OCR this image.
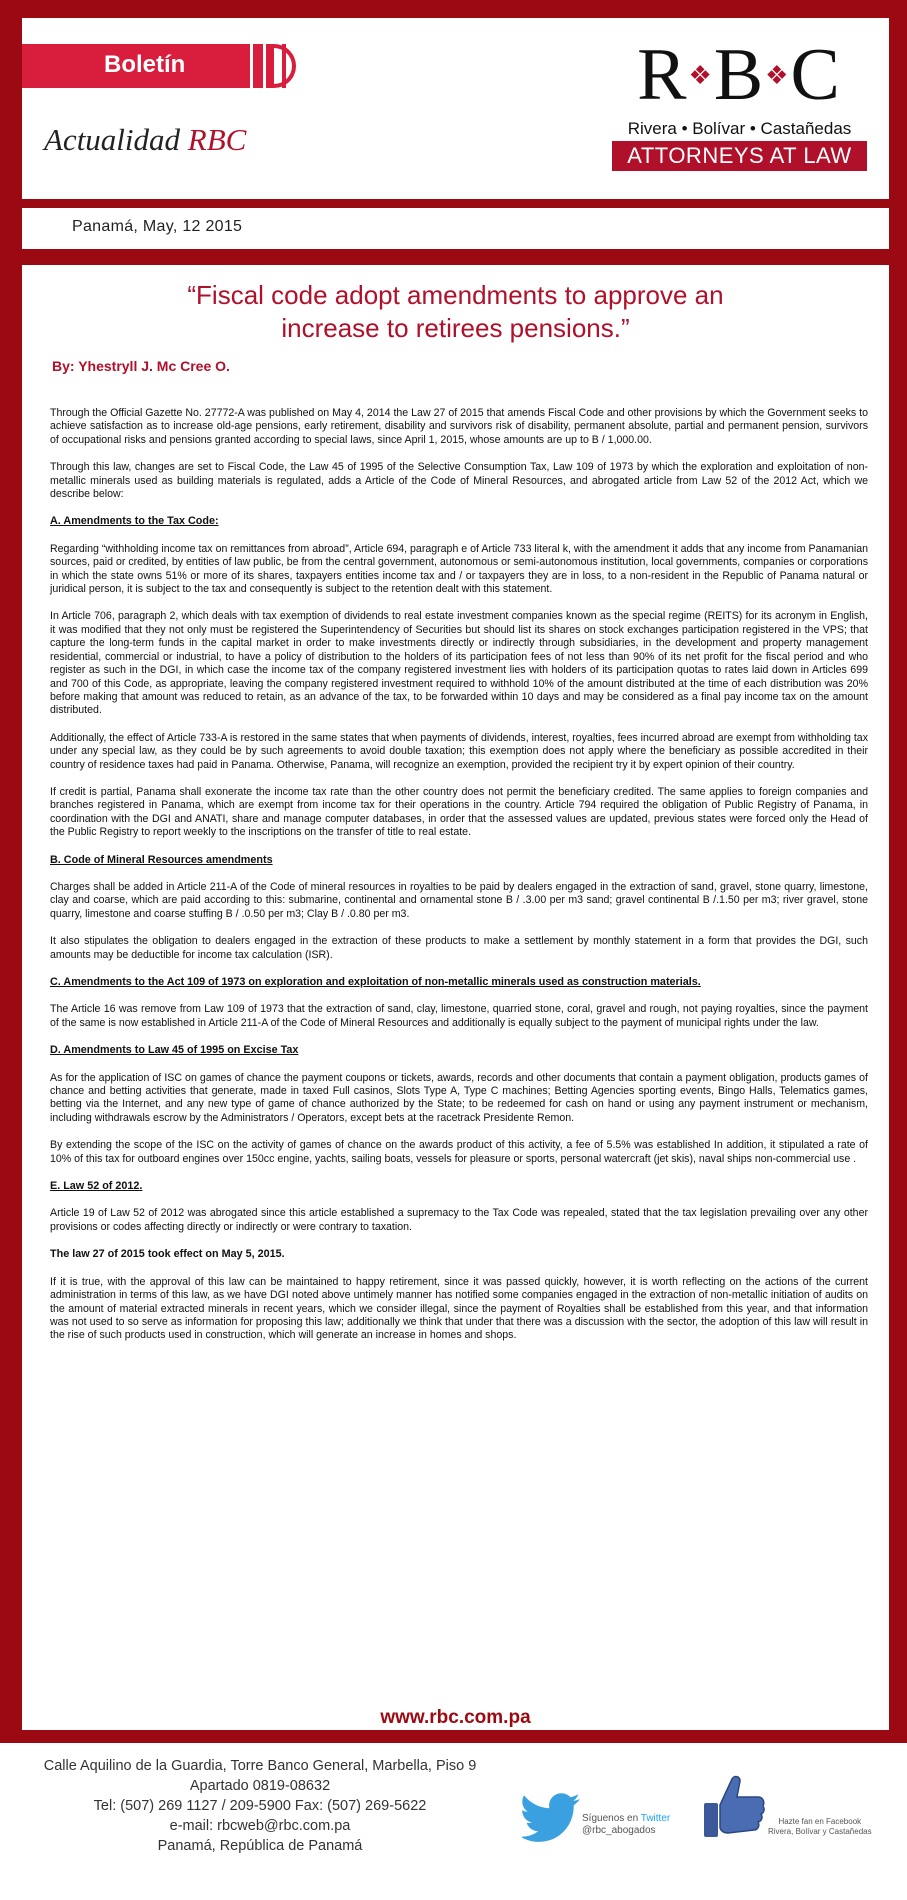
Boletín
Actualidad RBC
R❖B❖C
Rivera • Bolívar • Castañedas
ATTORNEYS AT LAW
Panamá, May, 12 2015
“Fiscal code adopt amendments to approve an
increase to retirees pensions.”
By: Yhestryll J. Mc Cree O.

Through the Official Gazette No. 27772-A was published on May 4, 2014 the Law 27 of 2015 that amends Fiscal Code and other provisions by which the Government seeks to achieve satisfaction as to increase old-age pensions, early retirement, disability and survivors risk of disability, permanent absolute, partial and permanent pension, survivors of occupational risks and pensions granted according to special laws, since April 1, 2015, whose amounts are up to B / 1,000.00.

Through this law, changes are set to Fiscal Code, the Law 45 of 1995 of the Selective Consumption Tax, Law 109 of 1973 by which the exploration and exploitation of non-metallic minerals used as building materials is regulated, adds a Article of the Code of Mineral Resources, and abrogated article from Law 52 of the 2012 Act, which we describe below:

A. Amendments to the Tax Code:

Regarding “withholding income tax on remittances from abroad”, Article 694, paragraph e of Article 733 literal k, with the amendment it adds that any income from Panamanian sources, paid or credited, by entities of law public, be from the central government, autonomous or semi-autonomous institution, local governments, companies or corporations in which the state owns 51% or more of its shares, taxpayers entities income tax and / or taxpayers they are in loss, to a non-resident in the Republic of Panama natural or juridical person, it is subject to the tax and consequently is subject to the retention dealt with this statement.

In Article 706, paragraph 2, which deals with tax exemption of dividends to real estate investment companies known as the special regime (REITS) for its acronym in English, it was modified that they not only must be registered the Superintendency of Securities but should list its shares on stock exchanges participation registered in the VPS; that capture the long-term funds in the capital market in order to make investments directly or indirectly through subsidiaries, in the development and property management residential, commercial or industrial, to have a policy of distribution to the holders of its participation fees of not less than 90% of its net profit for the fiscal period and who register as such in the DGI, in which case the income tax of the company registered investment lies with holders of its participation quotas to rates laid down in Articles 699 and 700 of this Code, as appropriate, leaving the company registered investment required to withhold 10% of the amount distributed at the time of each distribution was 20% before making that amount was reduced to retain, as an advance of the tax, to be forwarded within 10 days and may be considered as a final pay income tax on the amount distributed.

Additionally, the effect of Article 733-A is restored in the same states that when payments of dividends, interest, royalties, fees incurred abroad are exempt from withholding tax under any special law, as they could be by such agreements to avoid double taxation; this exemption does not apply where the beneficiary as possible accredited in their country of residence taxes had paid in Panama. Otherwise, Panama, will recognize an exemption, provided the recipient try it by expert opinion of their country.

If credit is partial, Panama shall exonerate the income tax rate than the other country does not permit the beneficiary credited. The same applies to foreign companies and branches registered in Panama, which are exempt from income tax for their operations in the country. Article 794 required the obligation of Public Registry of Panama, in coordination with the DGI and ANATI, share and manage computer databases, in order that the assessed values are updated, previous states were forced only the Head of the Public Registry to report weekly to the inscriptions on the transfer of title to real estate.

B. Code of Mineral Resources amendments

Charges shall be added in Article 211-A of the Code of mineral resources in royalties to be paid by dealers engaged in the extraction of sand, gravel, stone quarry, limestone, clay and coarse, which are paid according to this: submarine, continental and ornamental stone B / .3.00 per m3 sand; gravel continental B /.1.50 per m3; river gravel, stone quarry, limestone and coarse stuffing B / .0.50 per m3; Clay B / .0.80 per m3.

It also stipulates the obligation to dealers engaged in the extraction of these products to make a settlement by monthly statement in a form that provides the DGI, such amounts may be deductible for income tax calculation (ISR).

C. Amendments to the Act 109 of 1973 on exploration and exploitation of non-metallic minerals used as construction materials.

The Article 16 was remove from Law 109 of 1973 that the extraction of sand, clay, limestone, quarried stone, coral, gravel and rough, not paying royalties, since the payment of the same is now established in Article 211-A of the Code of Mineral Resources and additionally is equally subject to the payment of municipal rights under the law.

D. Amendments to Law 45 of 1995 on Excise Tax

As for the application of ISC on games of chance the payment coupons or tickets, awards, records and other documents that contain a payment obligation, products games of chance and betting activities that generate, made in taxed Full casinos, Slots Type A, Type C machines; Betting Agencies sporting events, Bingo Halls, Telematics games, betting via the Internet, and any new type of game of chance authorized by the State; to be redeemed for cash on hand or using any payment instrument or mechanism, including withdrawals escrow by the Administrators / Operators, except bets at the racetrack Presidente Remon.

By extending the scope of the ISC on the activity of games of chance on the awards product of this activity, a fee of 5.5% was established In addition, it stipulated a rate of 10% of this tax for outboard engines over 150cc engine, yachts, sailing boats, vessels for pleasure or sports, personal watercraft (jet skis), naval ships non-commercial use .

E. Law 52 of 2012.

Article 19 of Law 52 of 2012 was abrogated since this article established a supremacy to the Tax Code was repealed, stated that the tax legislation prevailing over any other provisions or codes affecting directly or indirectly or were contrary to taxation.

The law 27 of 2015 took effect on May 5, 2015.

If it is true, with the approval of this law can be maintained to happy retirement, since it was passed quickly, however, it is worth reflecting on the actions of the current administration in terms of this law, as we have DGI noted above untimely manner has notified some companies engaged in the extraction of non-metallic initiation of audits on the amount of material extracted minerals in recent years, which we consider illegal, since the payment of Royalties shall be established from this year, and that information was not used to so serve as information for proposing this law; additionally we think that under that there was a discussion with the sector, the adoption of this law will result in the rise of such products used in construction, which will generate an increase in homes and shops.

www.rbc.com.pa
Calle Aquilino de la Guardia, Torre Banco General, Marbella, Piso 9
Apartado 0819-08632
Tel: (507) 269 1127 / 209-5900 Fax: (507) 269-5622
e-mail: rbcweb@rbc.com.pa
Panamá, República de Panamá
Síguenos en Twitter
@rbc_abogados
Hazte fan en Facebook
Rivera, Bolívar y Castañedas
